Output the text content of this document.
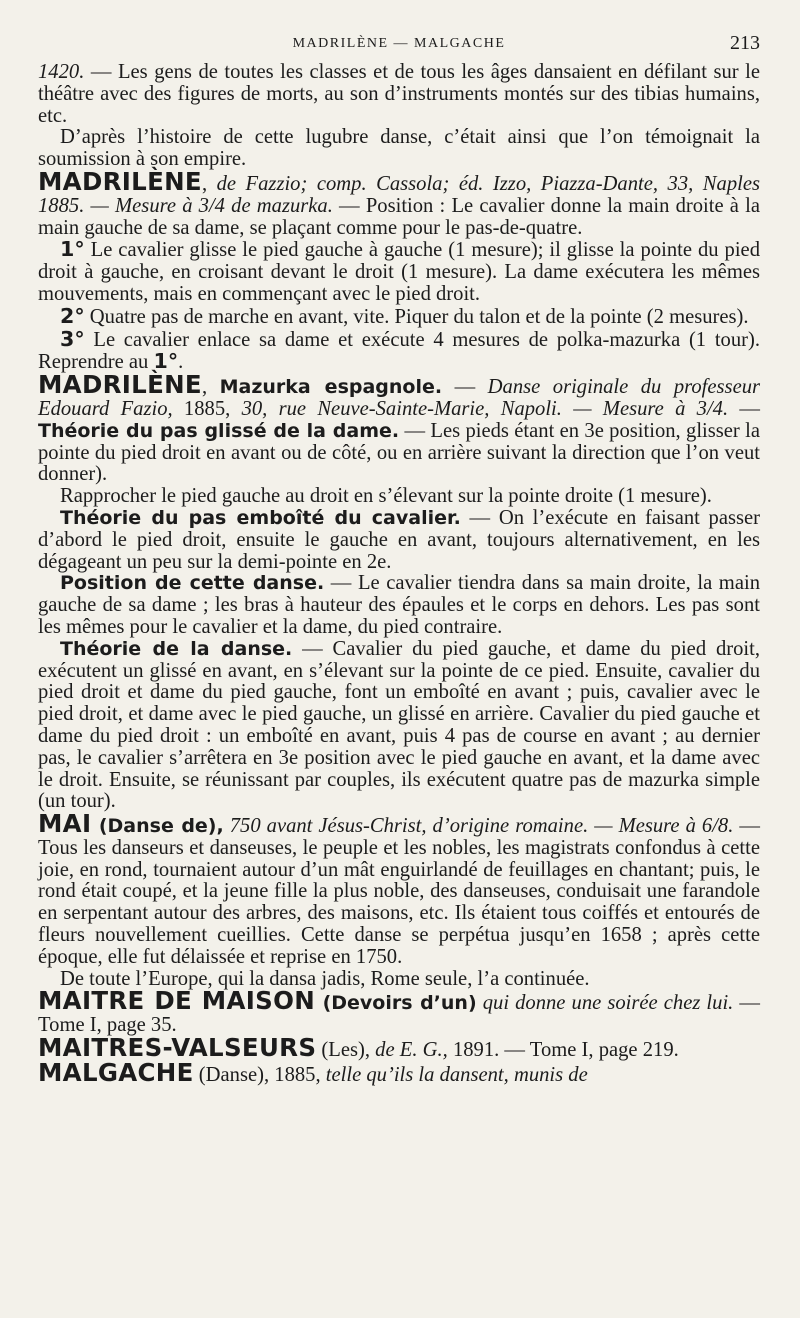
MADRILÈNE — MALGACHE	213

1420. — Les gens de toutes les classes et de tous les âges dansaient en défilant sur le théâtre avec des figures de morts, au son d’instruments montés sur des tibias humains, etc.

D’après l’histoire de cette lugubre danse, c’était ainsi que l’on témoignait la soumission à son empire.

MADRILÈNE, de Fazzio; comp. Cassola; éd. Izzo, Piazza-Dante, 33, Naples 1885. — Mesure à 3/4 de mazurka. — Position : Le cavalier donne la main droite à la main gauche de sa dame, se plaçant comme pour le pas-de-quatre.

1° Le cavalier glisse le pied gauche à gauche (1 mesure); il glisse la pointe du pied droit à gauche, en croisant devant le droit (1 mesure). La dame exécutera les mêmes mouvements, mais en commençant avec le pied droit.

2° Quatre pas de marche en avant, vite. Piquer du talon et de la pointe (2 mesures).

3° Le cavalier enlace sa dame et exécute 4 mesures de polka-mazurka (1 tour). Reprendre au 1°.

MADRILÈNE, Mazurka espagnole. — Danse originale du professeur Edouard Fazio, 1885, 30, rue Neuve-Sainte-Marie, Napoli. — Mesure à 3/4. — Théorie du pas glissé de la dame. — Les pieds étant en 3e position, glisser la pointe du pied droit en avant ou de côté, ou en arrière suivant la direction que l’on veut donner).

Rapprocher le pied gauche au droit en s’élevant sur la pointe droite (1 mesure).

Théorie du pas emboîté du cavalier. — On l’exécute en faisant passer d’abord le pied droit, ensuite le gauche en avant, toujours alternativement, en les dégageant un peu sur la demi-pointe en 2e.

Position de cette danse. — Le cavalier tiendra dans sa main droite, la main gauche de sa dame ; les bras à hauteur des épaules et le corps en dehors. Les pas sont les mêmes pour le cavalier et la dame, du pied contraire.

Théorie de la danse. — Cavalier du pied gauche, et dame du pied droit, exécutent un glissé en avant, en s’élevant sur la pointe de ce pied. Ensuite, cavalier du pied droit et dame du pied gauche, font un emboîté en avant ; puis, cavalier avec le pied droit, et dame avec le pied gauche, un glissé en arrière. Cavalier du pied gauche et dame du pied droit : un emboîté en avant, puis 4 pas de course en avant ; au dernier pas, le cavalier s’arrêtera en 3e position avec le pied gauche en avant, et la dame avec le droit. Ensuite, se réunissant par couples, ils exécutent quatre pas de mazurka simple (un tour).

MAI (Danse de), 750 avant Jésus-Christ, d’origine romaine. — Mesure à 6/8. — Tous les danseurs et danseuses, le peuple et les nobles, les magistrats confondus à cette joie, en rond, tournaient autour d’un mât enguirlandé de feuillages en chantant; puis, le rond était coupé, et la jeune fille la plus noble, des danseuses, conduisait une farandole en serpentant autour des arbres, des maisons, etc. Ils étaient tous coiffés et entourés de fleurs nouvellement cueillies. Cette danse se perpétua jusqu’en 1658 ; après cette époque, elle fut délaissée et reprise en 1750.

De toute l’Europe, qui la dansa jadis, Rome seule, l’a continuée.

MAITRE DE MAISON (Devoirs d’un) qui donne une soirée chez lui. — Tome I, page 35.

MAITRES-VALSEURS (Les), de E. G., 1891. — Tome I, page 219.

MALGACHE (Danse), 1885, telle qu’ils la dansent, munis de
